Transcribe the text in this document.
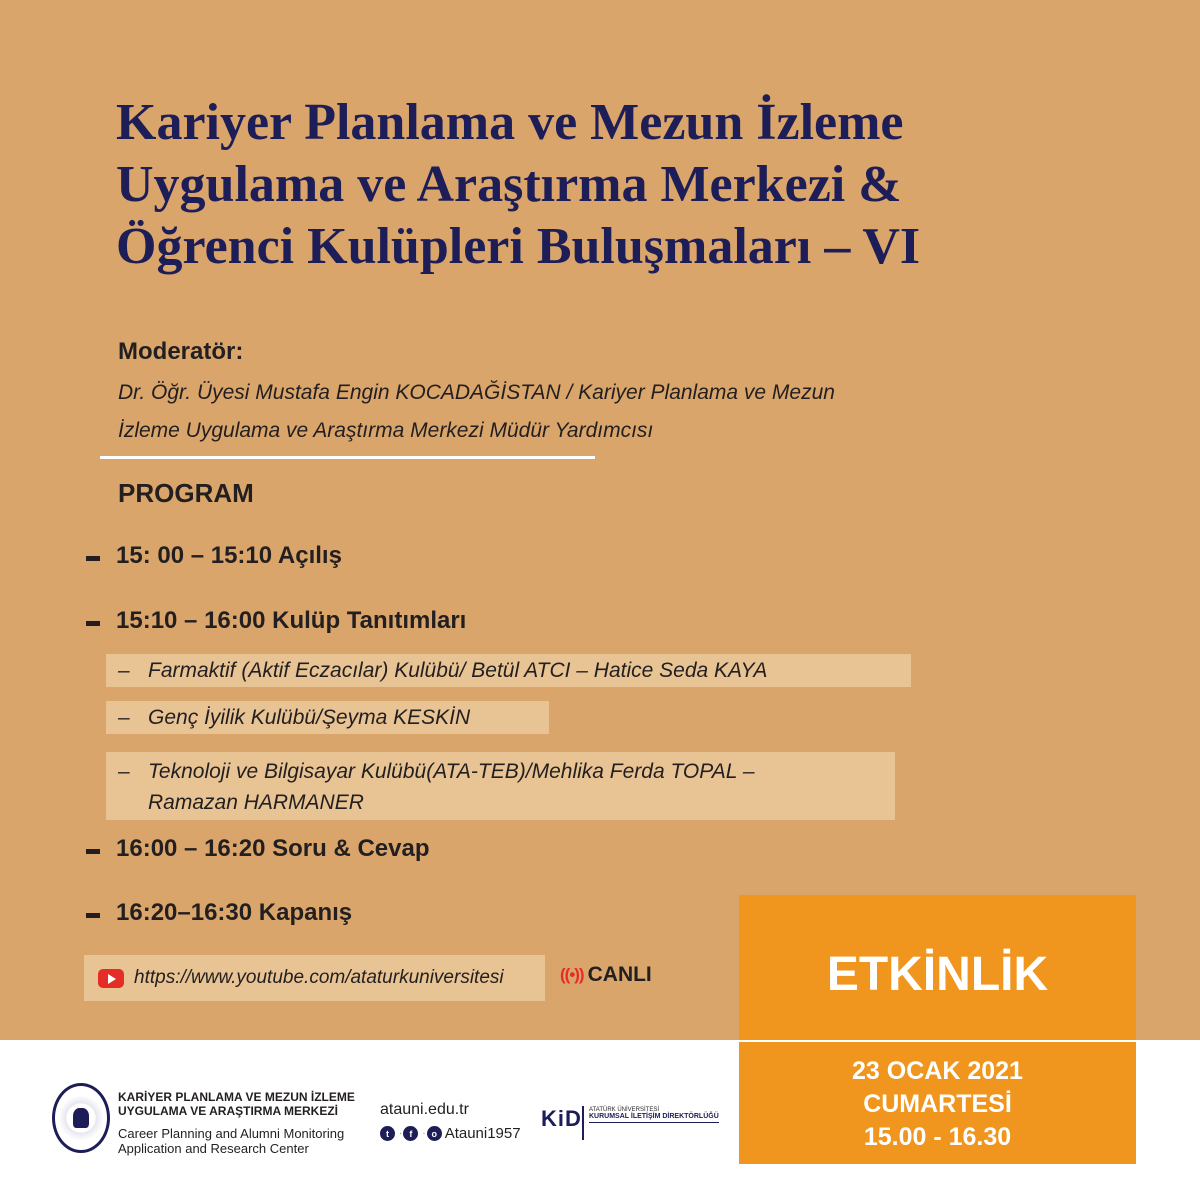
Kariyer Planlama ve Mezun İzleme
Uygulama ve Araştırma Merkezi &
Öğrenci Kulüpleri Buluşmaları – VI
Moderatör:
Dr. Öğr. Üyesi Mustafa Engin KOCADAĞİSTAN / Kariyer Planlama ve Mezun
İzleme Uygulama ve Araştırma Merkezi Müdür Yardımcısı
PROGRAM
15: 00 – 15:10 Açılış
15:10 – 16:00 Kulüp Tanıtımları
– Farmaktif (Aktif Eczacılar) Kulübü/ Betül ATCI – Hatice Seda KAYA
– Genç İyilik Kulübü/Şeyma KESKİN
– Teknoloji ve Bilgisayar Kulübü(ATA-TEB)/Mehlika Ferda TOPAL –
Ramazan HARMANER
16:00 – 16:20 Soru & Cevap
16:20–16:30 Kapanış
https://www.youtube.com/ataturkuniversitesi	((•)) CANLI
KARİYER PLANLAMA VE MEZUN İZLEME
UYGULAMA VE ARAŞTIRMA MERKEZİ
Career Planning and Alumni Monitoring
Application and Research Center
atauni.edu.tr
t	· f	· o Atauni1957
KiD ATATÜRK ÜNİVERSİTESİ
KURUMSAL İLETİŞİM DİREKTÖRLÜĞÜ
ETKİNLİK
23 OCAK 2021
CUMARTESİ
15.00 - 16.30
